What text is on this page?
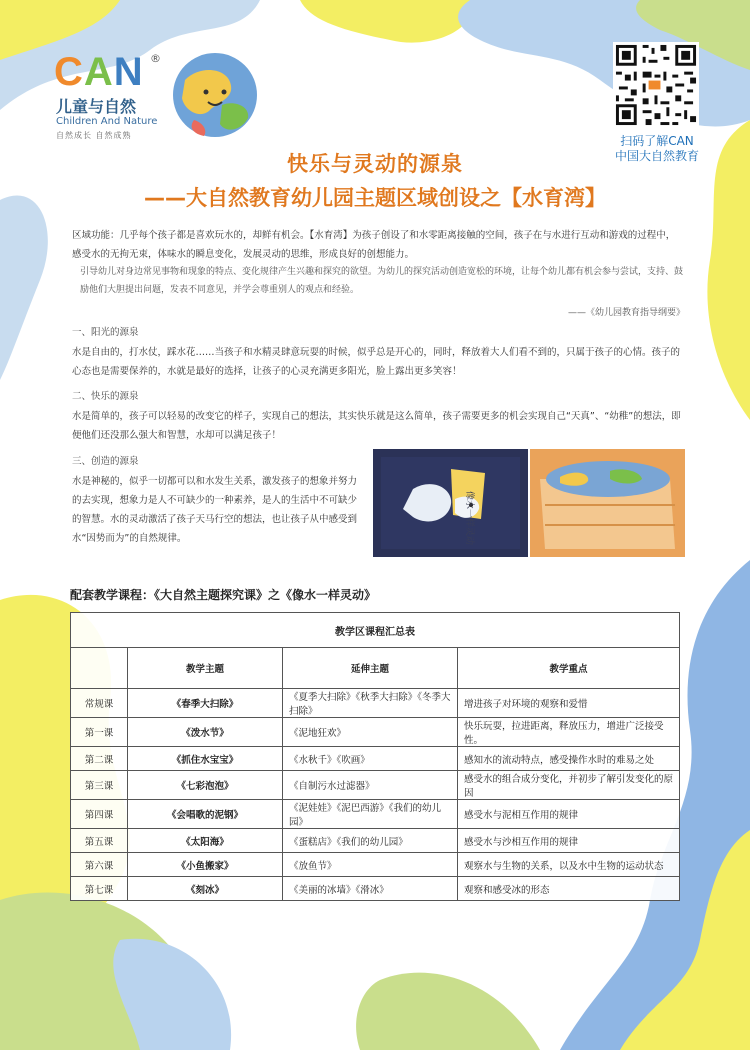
CAN ®
儿童与自然
Children And Nature
自然成长 自然成熟	扫码了解CAN
中国大自然教育
快乐与灵动的源泉
——大自然教育幼儿园主题区域创设之【水育湾】
区域功能：几乎每个孩子都是喜欢玩水的，却鲜有机会。【水育湾】为孩子创设了和水零距离接触的空间，孩子在与水进行互动和游戏的过程中，感受水的无拘无束，体味水的瞬息变化，发展灵动的思维，形成良好的创想能力。
引导幼儿对身边常见事物和现象的特点、变化规律产生兴趣和探究的欲望。为幼儿的探究活动创造宽松的环境，让每个幼儿都有机会参与尝试，支持、鼓励他们大胆提出问题，发表不同意见，并学会尊重别人的观点和经验。
——《幼儿园教育指导纲要》
一、阳光的源泉
水是自由的，打水仗，踩水花……当孩子和水精灵肆意玩耍的时候，似乎总是开心的，同时，释放着大人们看不到的，只属于孩子的心情。孩子的心态也是需要保养的，水就是最好的选择，让孩子的心灵充满更多阳光，脸上露出更多笑容！
二、快乐的源泉
水是简单的，孩子可以轻易的改变它的样子，实现自己的想法，其实快乐就是这么简单，孩子需要更多的机会实现自己“天真”、“幼稚”的想法，即便他们还没那么强大和智慧，水却可以满足孩子！
三、创造的源泉
水是神秘的，似乎一切都可以和水发生关系，激发孩子的想象并努力的去实现，想象力是人不可缺少的一种素养，是人的生活中不可缺少的智慧。水的灵动激活了孩子天马行空的想法，也让孩子从中感受到水“因势而为”的自然规律。	像水一样灵动
配套教学课程：《大自然主题探究课》之《像水一样灵动》
教学区课程汇总表			
	教学主题	延伸主题	教学重点
常规课	《春季大扫除》	《夏季大扫除》《秋季大扫除》《冬季大扫除》	增进孩子对环境的观察和爱惜
第一课	《泼水节》	《泥地狂欢》	快乐玩耍，拉进距离，释放压力，增进广泛接受性。
第二课	《抓住水宝宝》	《水秋千》《吹画》	感知水的流动特点，感受操作水时的难易之处
第三课	《七彩泡泡》	《自制污水过滤器》	感受水的组合成分变化，并初步了解引发变化的原因
第四课	《会唱歌的泥钢》	《泥娃娃》《泥巴西游》《我们的幼儿园》	感受水与泥相互作用的规律
第五课	《太阳海》	《蛋糕店》《我们的幼儿园》	感受水与沙相互作用的规律
第六课	《小鱼搬家》	《放鱼节》	观察水与生物的关系，以及水中生物的运动状态
第七课	《刻冰》	《美丽的冰墙》《滑冰》	观察和感受冰的形态
